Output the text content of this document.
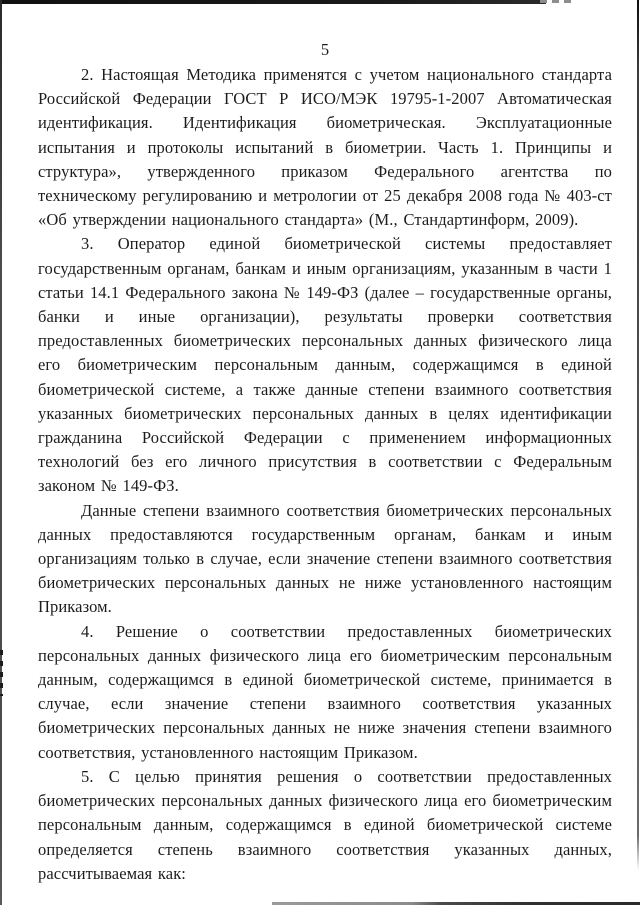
5

2. Настоящая Методика применятся с учетом национального стандарта Российской Федерации ГОСТ Р ИСО/МЭК 19795-1-2007 Автоматическая идентификация. Идентификация биометрическая. Эксплуатационные испытания и протоколы испытаний в биометрии. Часть 1. Принципы и структура», утвержденного приказом Федерального агентства по техническому регулированию и метрологии от 25 декабря 2008 года № 403-ст «Об утверждении национального стандарта» (М., Стандартинформ, 2009).

3. Оператор единой биометрической системы предоставляет государственным органам, банкам и иным организациям, указанным в части 1 статьи 14.1 Федерального закона № 149-ФЗ (далее – государственные органы, банки и иные организации), результаты проверки соответствия предоставленных биометрических персональных данных физического лица его биометрическим персональным данным, содержащимся в единой биометрической системе, а также данные степени взаимного соответствия указанных биометрических персональных данных в целях идентификации гражданина Российской Федерации с применением информационных технологий без его личного присутствия в соответствии с Федеральным законом № 149-ФЗ.

Данные степени взаимного соответствия биометрических персональных данных предоставляются государственным органам, банкам и иным организациям только в случае, если значение степени взаимного соответствия биометрических персональных данных не ниже установленного настоящим Приказом.

4. Решение о соответствии предоставленных биометрических персональных данных физического лица его биометрическим персональным данным, содержащимся в единой биометрической системе, принимается в случае, если значение степени взаимного соответствия указанных биометрических персональных данных не ниже значения степени взаимного соответствия, установленного настоящим Приказом.

5. С целью принятия решения о соответствии предоставленных биометрических персональных данных физического лица его биометрическим персональным данным, содержащимся в единой биометрической системе определяется степень взаимного соответствия указанных данных, рассчитываемая как:
